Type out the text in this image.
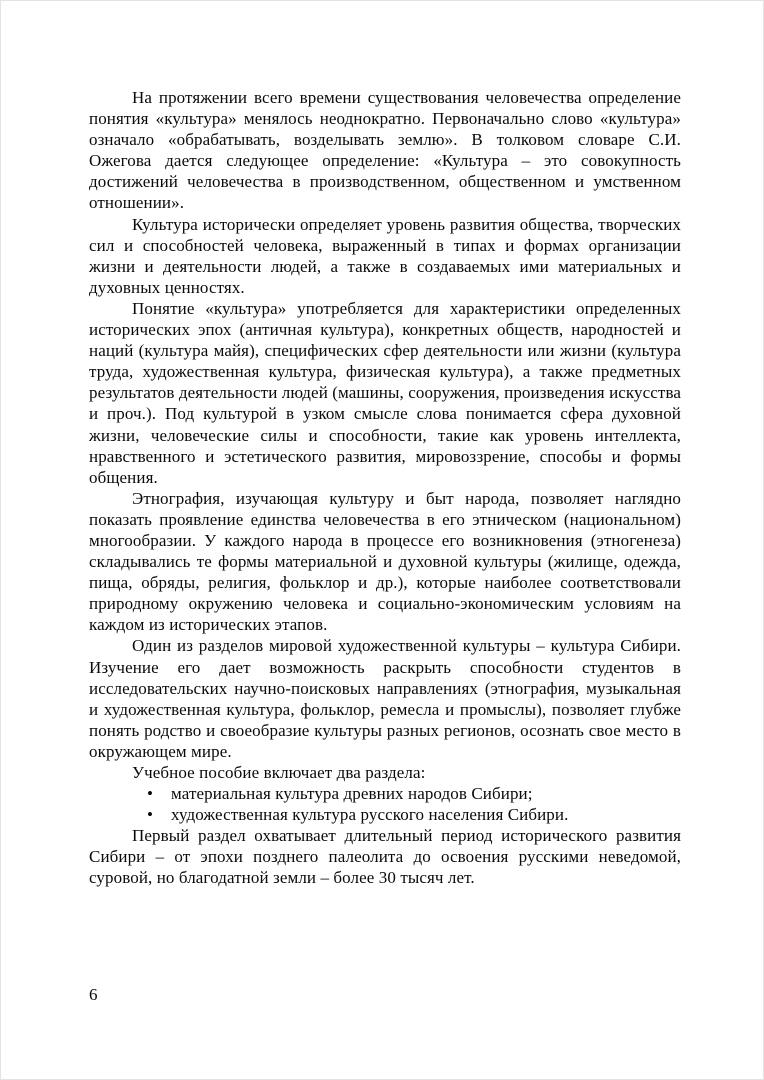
На протяжении всего времени существования человечества определение понятия «культура» менялось неоднократно. Первоначально слово «культура» означало «обрабатывать, возделывать землю». В толковом словаре С.И. Ожегова дается следующее определение: «Культура – это совокупность достижений человечества в производственном, общественном и умственном отношении».

Культура исторически определяет уровень развития общества, творческих сил и способностей человека, выраженный в типах и формах организации жизни и деятельности людей, а также в создаваемых ими материальных и духовных ценностях.

Понятие «культура» употребляется для характеристики определенных исторических эпох (античная культура), конкретных обществ, народностей и наций (культура майя), специфических сфер деятельности или жизни (культура труда, художественная культура, физическая культура), а также предметных результатов деятельности людей (машины, сооружения, произведения искусства и проч.). Под культурой в узком смысле слова понимается сфера духовной жизни, человеческие силы и способности, такие как уровень интеллекта, нравственного и эстетического развития, мировоззрение, способы и формы общения.

Этнография, изучающая культуру и быт народа, позволяет наглядно показать проявление единства человечества в его этническом (национальном) многообразии. У каждого народа в процессе его возникновения (этногенеза) складывались те формы материальной и духовной культуры (жилище, одежда, пища, обряды, религия, фольклор и др.), которые наиболее соответствовали природному окружению человека и социально-экономическим условиям на каждом из исторических этапов.

Один из разделов мировой художественной культуры – культура Сибири. Изучение его дает возможность раскрыть способности студентов в исследовательских научно-поисковых направлениях (этнография, музыкальная и художественная культура, фольклор, ремесла и промыслы), позволяет глубже понять родство и своеобразие культуры разных регионов, осознать свое место в окружающем мире.

Учебное пособие включает два раздела:

• материальная культура древних народов Сибири;
• художественная культура русского населения Сибири.

Первый раздел охватывает длительный период исторического развития Сибири – от эпохи позднего палеолита до освоения русскими неведомой, суровой, но благодатной земли – более 30 тысяч лет.

6
